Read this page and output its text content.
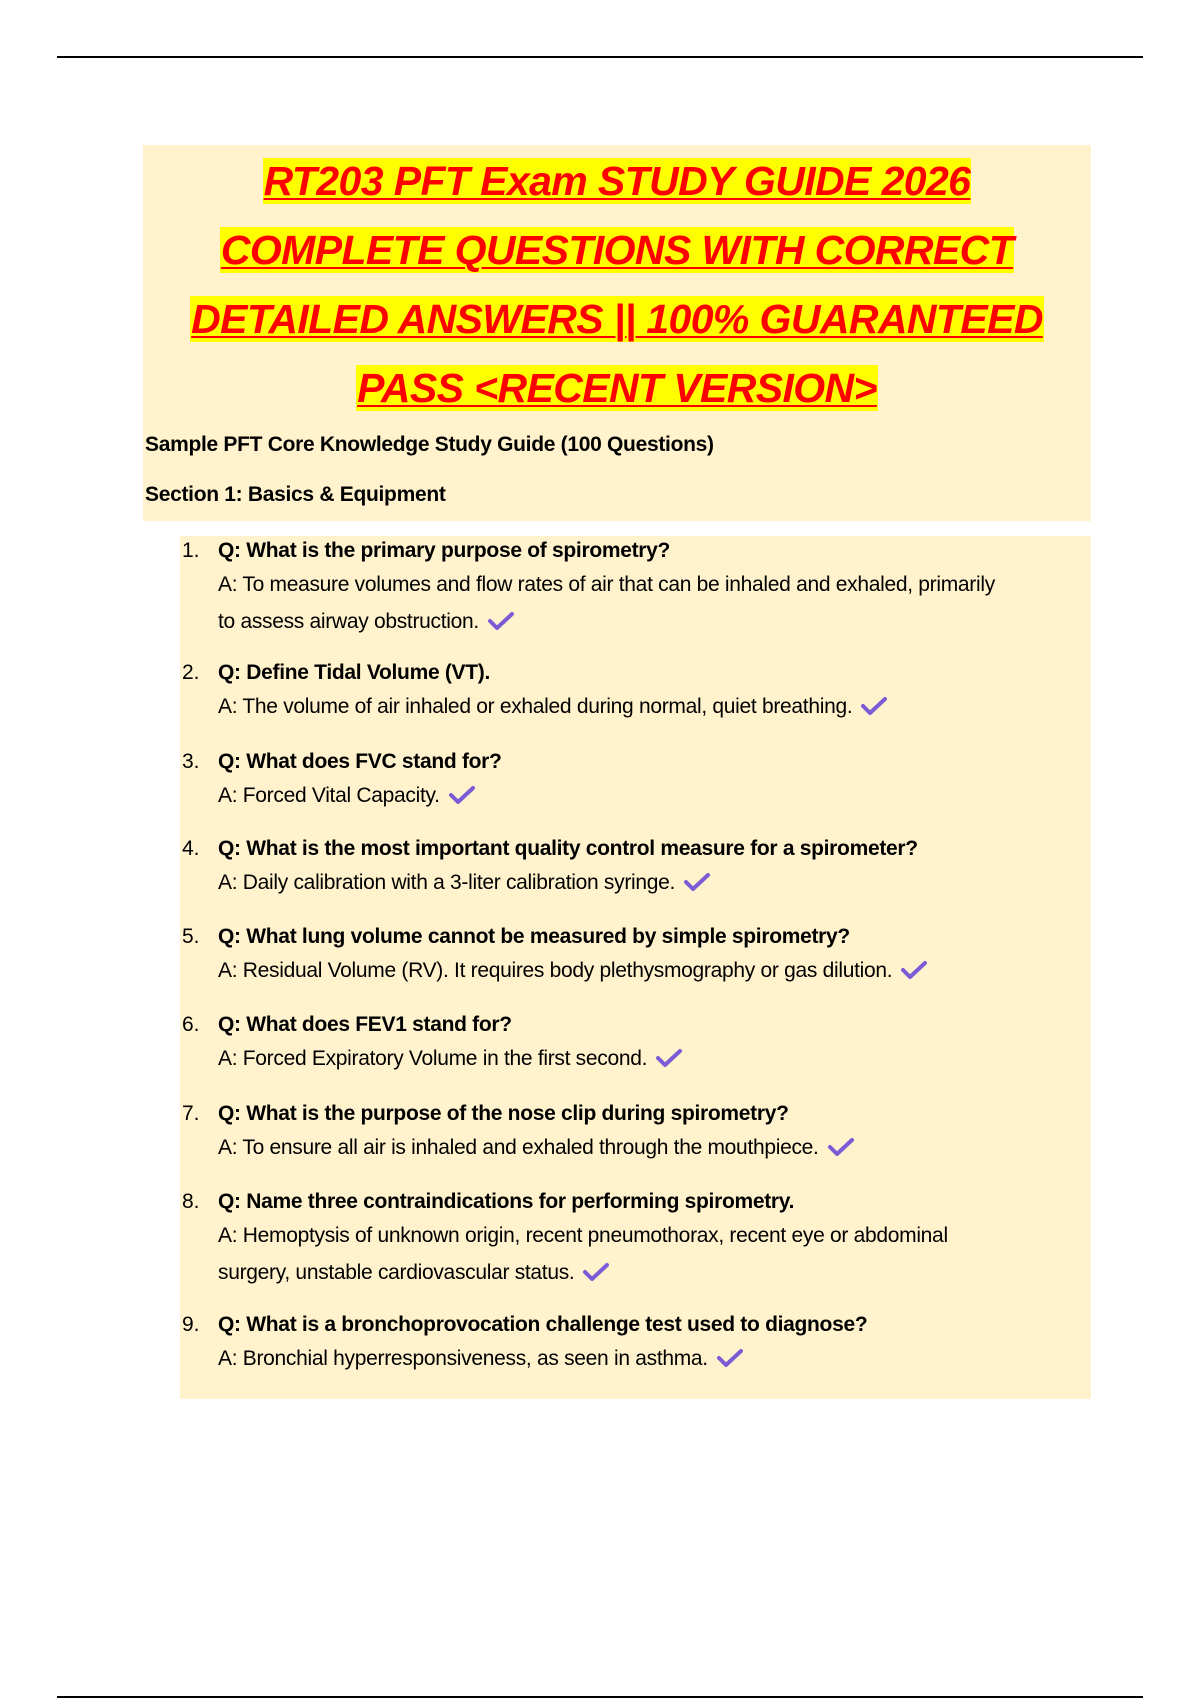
RT203 PFT Exam STUDY GUIDE 2026
COMPLETE QUESTIONS WITH CORRECT
DETAILED ANSWERS || 100% GUARANTEED
PASS <RECENT VERSION>

Sample PFT Core Knowledge Study Guide (100 Questions)

Section 1: Basics & Equipment

1. Q: What is the primary purpose of spirometry?
A: To measure volumes and flow rates of air that can be inhaled and exhaled, primarily
to assess airway obstruction.
2. Q: Define Tidal Volume (VT).
A: The volume of air inhaled or exhaled during normal, quiet breathing.
3. Q: What does FVC stand for?
A: Forced Vital Capacity.
4. Q: What is the most important quality control measure for a spirometer?
A: Daily calibration with a 3-liter calibration syringe.
5. Q: What lung volume cannot be measured by simple spirometry?
A: Residual Volume (RV). It requires body plethysmography or gas dilution.
6. Q: What does FEV1 stand for?
A: Forced Expiratory Volume in the first second.
7. Q: What is the purpose of the nose clip during spirometry?
A: To ensure all air is inhaled and exhaled through the mouthpiece.
8. Q: Name three contraindications for performing spirometry.
A: Hemoptysis of unknown origin, recent pneumothorax, recent eye or abdominal
surgery, unstable cardiovascular status.
9. Q: What is a bronchoprovocation challenge test used to diagnose?
A: Bronchial hyperresponsiveness, as seen in asthma.
